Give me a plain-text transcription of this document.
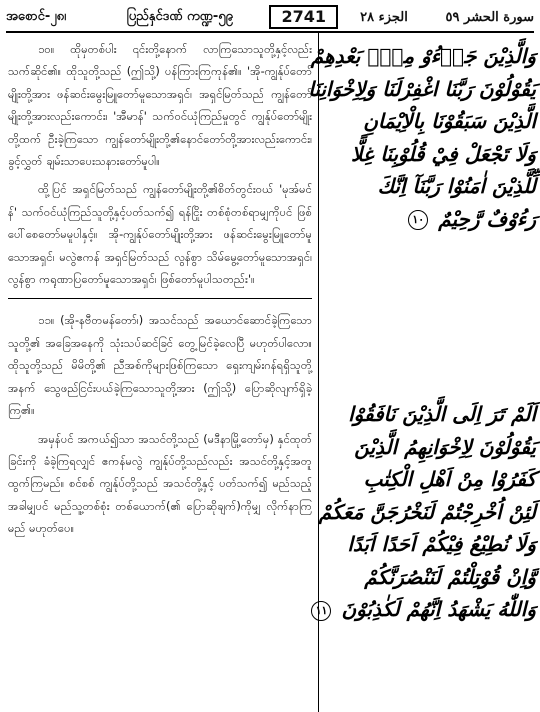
အစောင်-၂၈၊	ပြည်နှင်ဒဏ် ကဏ္ဍ-၅၉	2741	الجزء ٢٨	سورة الحشر ٥٩

၁၀။ ထိုမှတစ်ပါး ၎င်းတို့နောက် လာကြသောသူတို့နှင့်လည်း သက်ဆိုင်၏။ ထိုသူတို့သည် (ဤသို့) ပန်ကြားကြကုန်၏။ 'အို-ကျွန်ုပ်တော်မျိုးတို့အား ဖန်ဆင်းမွေးမြူတော်မူသောအရှင်၊ အရှင်မြတ်သည် ကျွန်တော်မျိုးတို့အားလည်းကောင်း၊ 'အီမာန်' သက်ဝင်ယုံကြည်မှုတွင် ကျွန်ုပ်တော်မျိုးတို့ထက် ဦးခဲ့ကြသော ကျွန်တော်မျိုးတို့၏နောင်တော်တို့အားလည်းကောင်း၊ ခွင့်လွှတ် ချမ်းသာပေးသနားတော်မူပါ။

ထို့ပြင် အရှင်မြတ်သည် ကျွန်တော်မျိုးတို့၏စိတ်တွင်းဝယ် 'မုအ်မင်န်' သက်ဝင်ယုံကြည်သူတို့နှင့်ပတ်သက်၍ ရန်ငြိုး တစ်စုံတစ်ရာမျှကိုပင် ဖြစ်ပေါ်စေတော်မမူပါနှင့်။ အို-ကျွန်ုပ်တော်မျိုးတို့အား ဖန်ဆင်းမွေးမြူတော်မူသောအရှင်၊ မလွဲဧကန် အရှင်မြတ်သည် လွန်စွာ သိမ်မွေ့တော်မူသောအရှင်၊ လွန်စွာ ကရုဏာပြတော်မူသောအရှင်၊ ဖြစ်တော်မူပါသတည်း'။

၁၁။ (အို-နဗီတမန်တော်၊) အသင်သည် အယောင်ဆောင်ခဲ့ကြသောသူတို့၏ အခြေအနေကို သုံးသပ်ဆင်ခြင် တွေ့မြင်ခဲ့လေပြီ မဟုတ်ပါလော။ ထိုသူတို့သည် မိမိတို့၏ ညီအစ်ကိုများဖြစ်ကြသော ရှေးကျမ်းဂန်ရရှိသူတို့အနက် သွေဖည်ငြင်းပယ်ခဲ့ကြသောသူတို့အား (ဤသို့) ပြောဆိုလျက်ရှိခဲ့ကြ၏။

အမှန်ပင် အကယ်၍သာ အသင်တို့သည် (မဒီနာမြို့တော်မှ) နှင်ထုတ်ခြင်းကို ခံခဲ့ကြရလျှင် ဧကန်မလွဲ ကျွန်ုပ်တို့သည်လည်း အသင်တို့နှင့်အတူ ထွက်ကြမည်။ စင်စစ် ကျွန်ုပ်တို့သည် အသင်တို့နှင့် ပတ်သက်၍ မည်သည့်အခါမျှပင် မည်သူ့တစ်စုံး တစ်ယောက်(၏ ပြောဆိုချက်)ကိုမျှ လိုက်နာကြမည် မဟုတ်ပေ။

وَالَّذِيْنَ جَاۤءُوْ مِنْۢ بَعْدِهِمْ
يَقُوْلُوْنَ رَبَّنَا اغْفِرْلَنَا وَلِاِخْوَانِنَا
الَّذِيْنَ سَبَقُوْنَا بِالْاِيْمَانِ
وَلَا تَجْعَلْ فِيْ قُلُوْبِنَا غِلًّا
لِّلَّذِيْنَ اٰمَنُوْا رَبَّنَآ اِنَّكَ
رَءُوْفٌ رَّحِيْمٌ ١٠
اَلَمْ تَرَ اِلَى الَّذِيْنَ نَافَقُوْا
يَقُوْلُوْنَ لِاِخْوَانِهِمُ الَّذِيْنَ
كَفَرُوْا مِنْ اَهْلِ الْكِتٰبِ
لَئِنْ اُخْرِجْتُمْ لَنَخْرُجَنَّ مَعَكُمْ
وَلَا نُطِيْعُ فِيْكُمْ اَحَدًا اَبَدًا
وَّاِنْ قُوْتِلْتُمْ لَنَنْصُرَنَّكُمْ
وَاللّٰهُ يَشْهَدُ اِنَّهُمْ لَكٰذِبُوْنَ ١١
